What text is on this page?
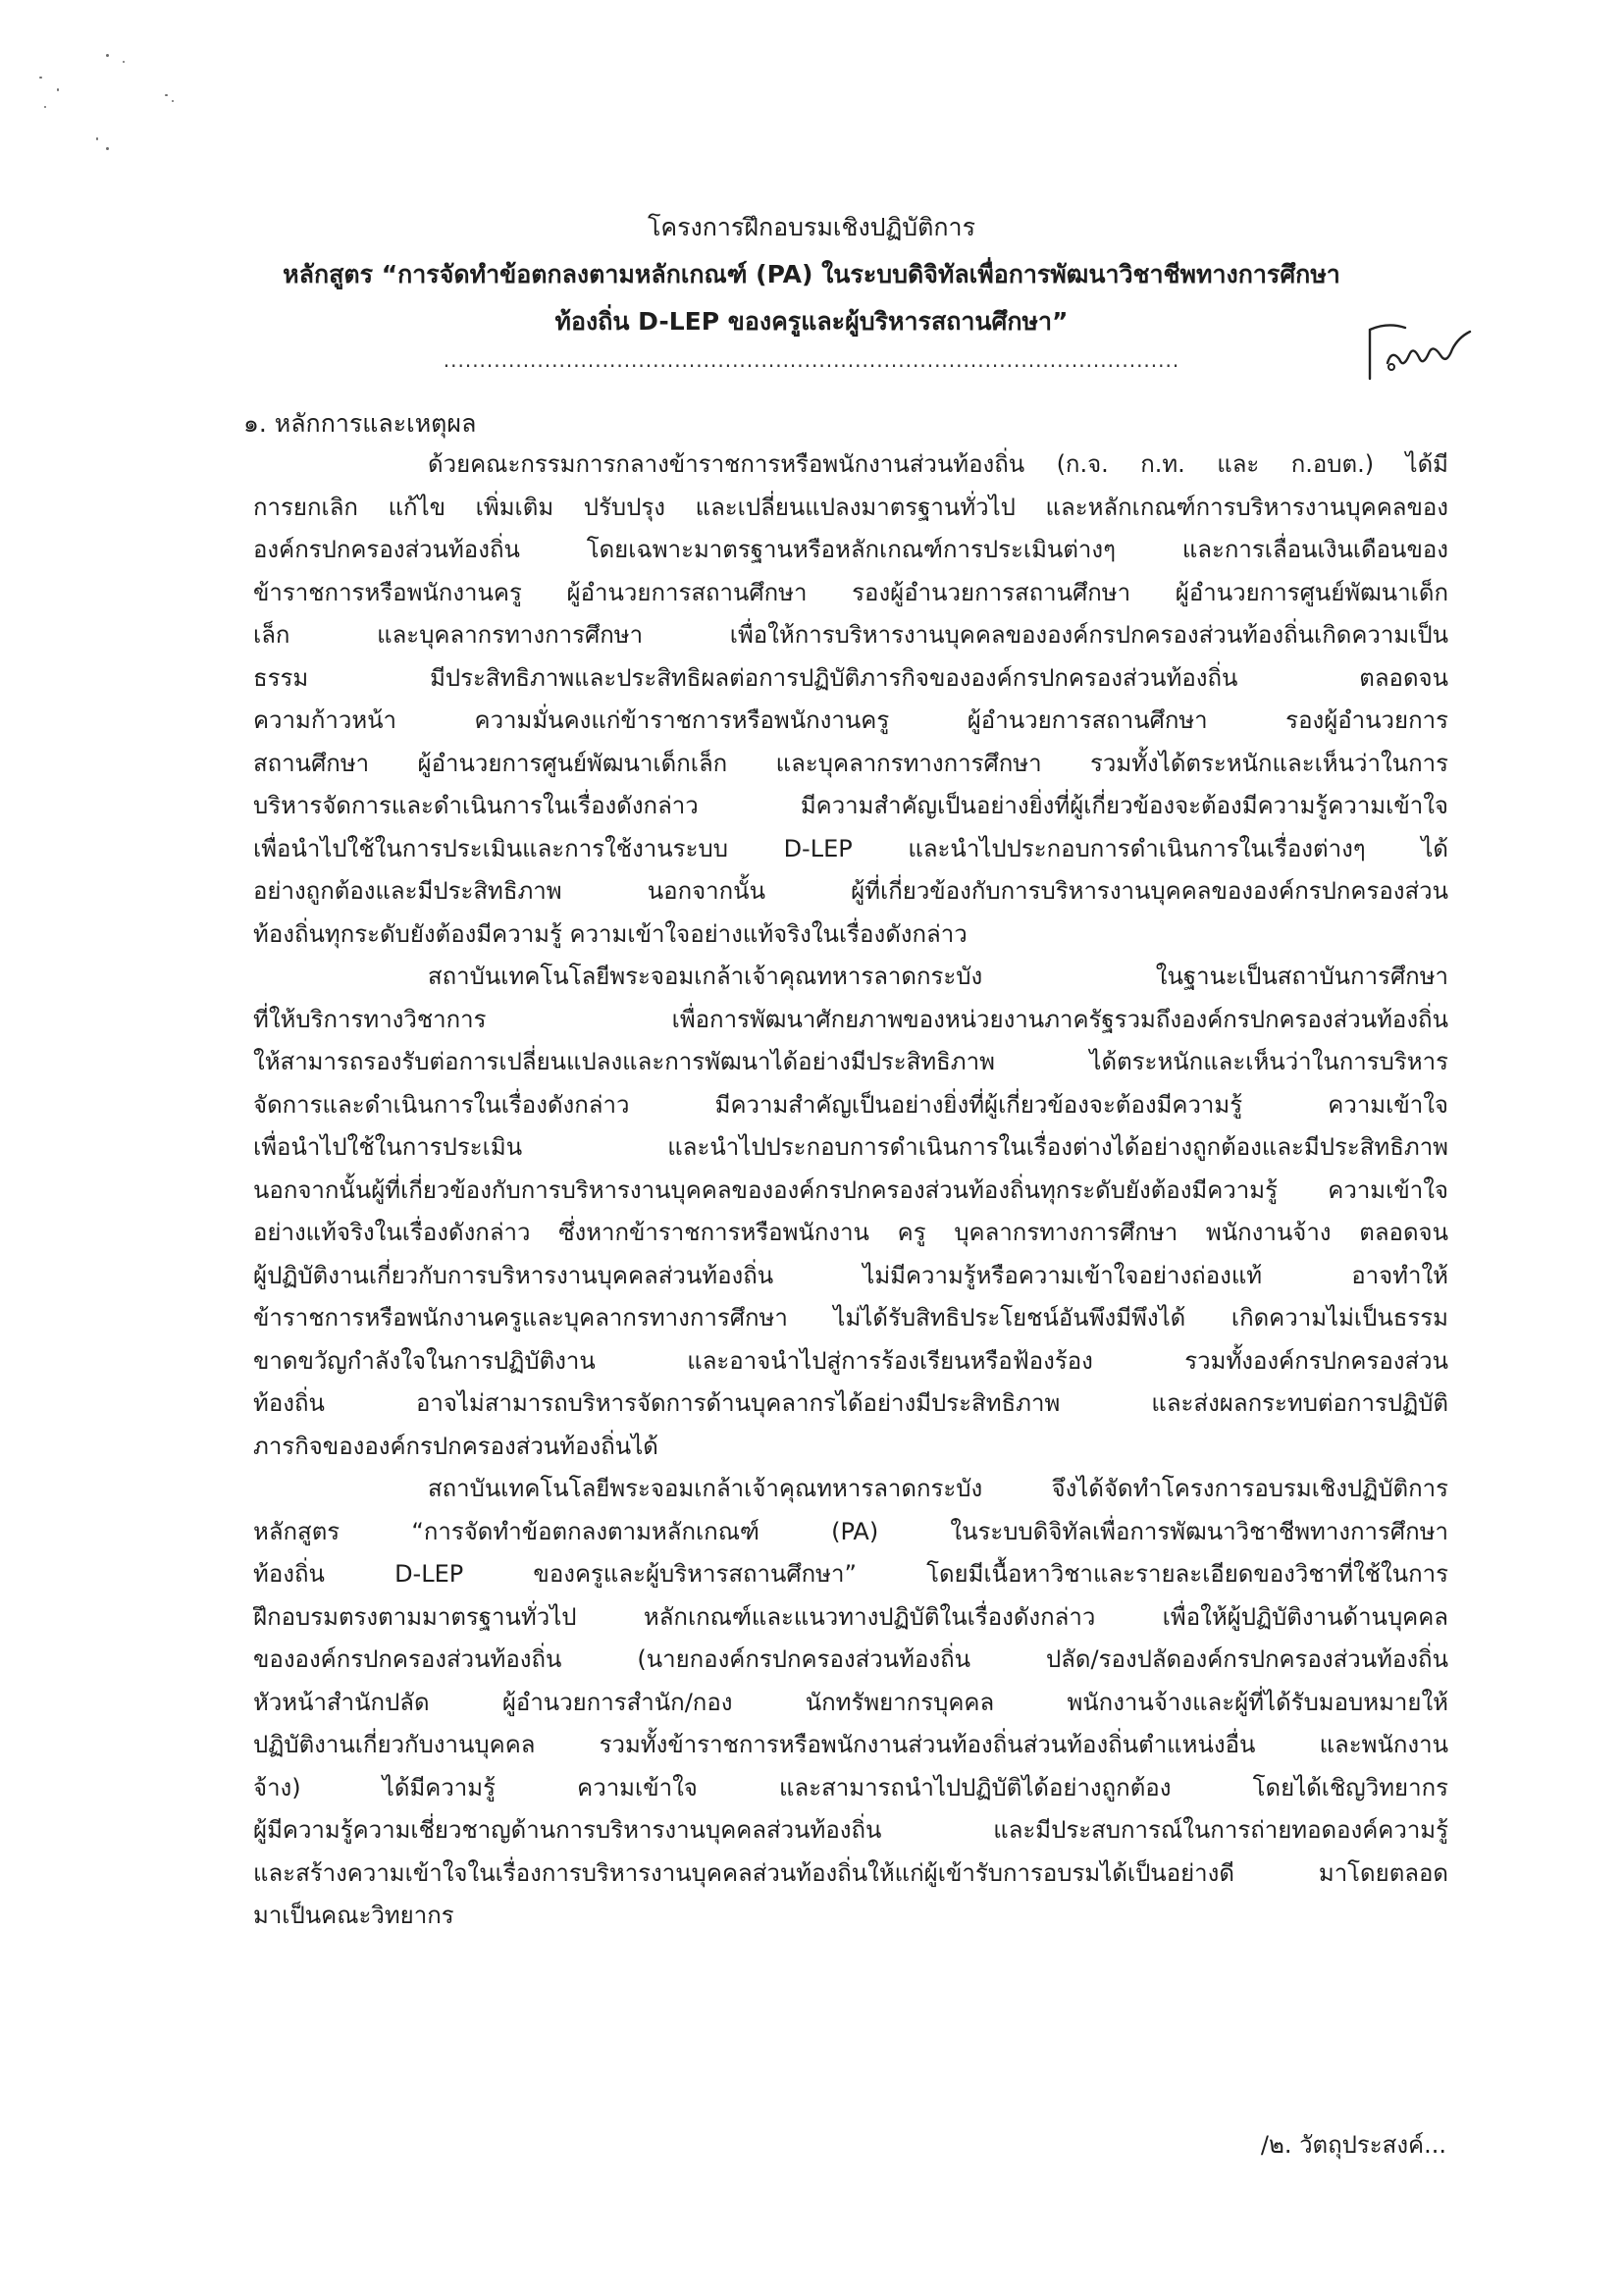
โครงการฝึกอบรมเชิงปฏิบัติการ
หลักสูตร “การจัดทำข้อตกลงตามหลักเกณฑ์ (PA) ในระบบดิจิทัลเพื่อการพัฒนาวิชาชีพทางการศึกษา
ท้องถิ่น D-LEP ของครูและผู้บริหารสถานศึกษา”
......................................................................................................
๑. หลักการและเหตุผล

ด้วยคณะกรรมการกลางข้าราชการหรือพนักงานส่วนท้องถิ่น (ก.จ. ก.ท. และ ก.อบต.) ได้มี
การยกเลิก แก้ไข เพิ่มเติม ปรับปรุง และเปลี่ยนแปลงมาตรฐานทั่วไป และหลักเกณฑ์การบริหารงานบุคคลของ
องค์กรปกครองส่วนท้องถิ่น โดยเฉพาะมาตรฐานหรือหลักเกณฑ์การประเมินต่างๆ และการเลื่อนเงินเดือนของ
ข้าราชการหรือพนักงานครู ผู้อำนวยการสถานศึกษา รองผู้อำนวยการสถานศึกษา ผู้อำนวยการศูนย์พัฒนาเด็ก
เล็ก และบุคลากรทางการศึกษา เพื่อให้การบริหารงานบุคคลขององค์กรปกครองส่วนท้องถิ่นเกิดความเป็น
ธรรม มีประสิทธิภาพและประสิทธิผลต่อการปฏิบัติภารกิจขององค์กรปกครองส่วนท้องถิ่น ตลอดจน
ความก้าวหน้า ความมั่นคงแก่ข้าราชการหรือพนักงานครู ผู้อำนวยการสถานศึกษา รองผู้อำนวยการ
สถานศึกษา ผู้อำนวยการศูนย์พัฒนาเด็กเล็ก และบุคลากรทางการศึกษา รวมทั้งได้ตระหนักและเห็นว่าในการ
บริหารจัดการและดำเนินการในเรื่องดังกล่าว มีความสำคัญเป็นอย่างยิ่งที่ผู้เกี่ยวข้องจะต้องมีความรู้ความเข้าใจ
เพื่อนำไปใช้ในการประเมินและการใช้งานระบบ D-LEP และนำไปประกอบการดำเนินการในเรื่องต่างๆ ได้
อย่างถูกต้องและมีประสิทธิภาพ นอกจากนั้น ผู้ที่เกี่ยวข้องกับการบริหารงานบุคคลขององค์กรปกครองส่วน
ท้องถิ่นทุกระดับยังต้องมีความรู้ ความเข้าใจอย่างแท้จริงในเรื่องดังกล่าว

สถาบันเทคโนโลยีพระจอมเกล้าเจ้าคุณทหารลาดกระบัง ในฐานะเป็นสถาบันการศึกษา
ที่ให้บริการทางวิชาการ เพื่อการพัฒนาศักยภาพของหน่วยงานภาครัฐรวมถึงองค์กรปกครองส่วนท้องถิ่น
ให้สามารถรองรับต่อการเปลี่ยนแปลงและการพัฒนาได้อย่างมีประสิทธิภาพ ได้ตระหนักและเห็นว่าในการบริหาร
จัดการและดำเนินการในเรื่องดังกล่าว มีความสำคัญเป็นอย่างยิ่งที่ผู้เกี่ยวข้องจะต้องมีความรู้ ความเข้าใจ
เพื่อนำไปใช้ในการประเมิน และนำไปประกอบการดำเนินการในเรื่องต่างได้อย่างถูกต้องและมีประสิทธิภาพ
นอกจากนั้นผู้ที่เกี่ยวข้องกับการบริหารงานบุคคลขององค์กรปกครองส่วนท้องถิ่นทุกระดับยังต้องมีความรู้ ความเข้าใจ
อย่างแท้จริงในเรื่องดังกล่าว ซึ่งหากข้าราชการหรือพนักงาน ครู บุคลากรทางการศึกษา พนักงานจ้าง ตลอดจน
ผู้ปฏิบัติงานเกี่ยวกับการบริหารงานบุคคลส่วนท้องถิ่น ไม่มีความรู้หรือความเข้าใจอย่างถ่องแท้ อาจทำให้
ข้าราชการหรือพนักงานครูและบุคลากรทางการศึกษา ไม่ได้รับสิทธิประโยชน์อันพึงมีพึงได้ เกิดความไม่เป็นธรรม
ขาดขวัญกำลังใจในการปฏิบัติงาน และอาจนำไปสู่การร้องเรียนหรือฟ้องร้อง รวมทั้งองค์กรปกครองส่วน
ท้องถิ่น อาจไม่สามารถบริหารจัดการด้านบุคลากรได้อย่างมีประสิทธิภาพ และส่งผลกระทบต่อการปฏิบัติ
ภารกิจขององค์กรปกครองส่วนท้องถิ่นได้

สถาบันเทคโนโลยีพระจอมเกล้าเจ้าคุณทหารลาดกระบัง จึงได้จัดทำโครงการอบรมเชิงปฏิบัติการ
หลักสูตร “การจัดทำข้อตกลงตามหลักเกณฑ์ (PA) ในระบบดิจิทัลเพื่อการพัฒนาวิชาชีพทางการศึกษา
ท้องถิ่น D-LEP ของครูและผู้บริหารสถานศึกษา” โดยมีเนื้อหาวิชาและรายละเอียดของวิชาที่ใช้ในการ
ฝึกอบรมตรงตามมาตรฐานทั่วไป หลักเกณฑ์และแนวทางปฏิบัติในเรื่องดังกล่าว เพื่อให้ผู้ปฏิบัติงานด้านบุคคล
ขององค์กรปกครองส่วนท้องถิ่น (นายกองค์กรปกครองส่วนท้องถิ่น ปลัด/รองปลัดองค์กรปกครองส่วนท้องถิ่น
หัวหน้าสำนักปลัด ผู้อำนวยการสำนัก/กอง นักทรัพยากรบุคคล พนักงานจ้างและผู้ที่ได้รับมอบหมายให้
ปฏิบัติงานเกี่ยวกับงานบุคคล รวมทั้งข้าราชการหรือพนักงานส่วนท้องถิ่นส่วนท้องถิ่นตำแหน่งอื่น และพนักงาน
จ้าง) ได้มีความรู้ ความเข้าใจ และสามารถนำไปปฏิบัติได้อย่างถูกต้อง โดยได้เชิญวิทยากร
ผู้มีความรู้ความเชี่ยวชาญด้านการบริหารงานบุคคลส่วนท้องถิ่น และมีประสบการณ์ในการถ่ายทอดองค์ความรู้
และสร้างความเข้าใจในเรื่องการบริหารงานบุคคลส่วนท้องถิ่นให้แก่ผู้เข้ารับการอบรมได้เป็นอย่างดี มาโดยตลอด
มาเป็นคณะวิทยากร

/๒. วัตถุประสงค์...
